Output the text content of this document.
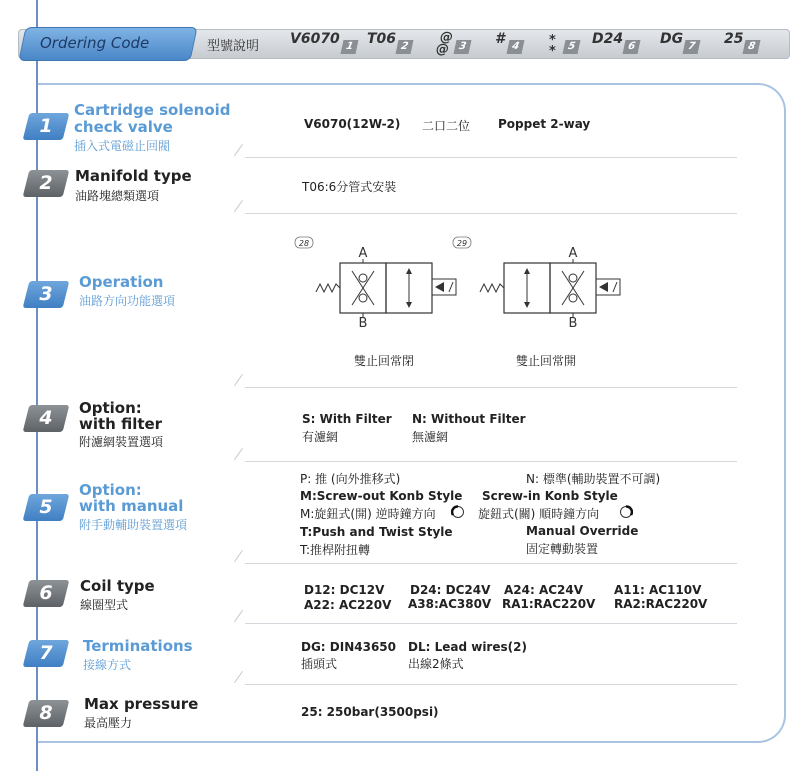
Ordering Code	型號說明 V6070 1 T06 2
@
@ 3	# 4	*
*	5	D24 6	DG 7	25 8
1
Cartridge solenoid check valve
插入式電磁止回閥
V6070(12W-2) 二口二位 Poppet 2-way
2	Manifold type
油路塊總類選項
T06:6分管式安裝
3
Operation
油路方向功能選項
28
A
B
雙止回常閉
29
A
B
雙止回常開
4	Option:
with filter
附濾網裝置選項
S: With Filter
有濾網
N: Without Filter
無濾網
5
Option:
with manual
附手動輔助裝置選項
P: 推 (向外推移式)	N: 標準(輔助裝置不可調)
M:Screw-out Konb Style Screw-in Konb Style
M:旋鈕式(開) 逆時鐘方向	旋鈕式(關) 順時鐘方向
T:Push and Twist Style	Manual Override
T:推桿附扭轉	固定轉動裝置
6	Coil type
線圈型式
D12: DC12V D24: DC24V A24: AC24V	A11: AC110V
A22: AC220V A38:AC380V RA1:RAC220V RA2:RAC220V
7	Terminations
接線方式
DG: DIN43650
插頭式
DL: Lead wires(2)
出線2條式
8	Max pressure
最高壓力
25: 250bar(3500psi)
